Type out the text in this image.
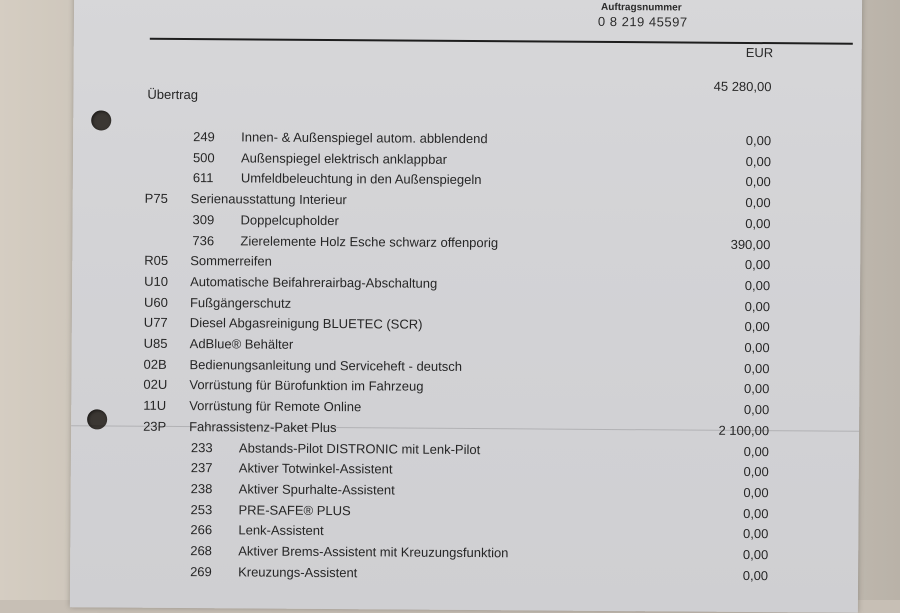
Auftragsnummer
0 8 219 45597
EUR
Übertrag
45 280,00
249 Innen- & Außenspiegel autom. abblendend	0,00
500 Außenspiegel elektrisch anklappbar	0,00
611 Umfeldbeleuchtung in den Außenspiegeln	0,00
P75 Serienausstattung Interieur	0,00
309 Doppelcupholder	0,00
736 Zierelemente Holz Esche schwarz offenporig	390,00
R05 Sommerreifen	0,00
U10 Automatische Beifahrerairbag-Abschaltung	0,00
U60 Fußgängerschutz	0,00
U77 Diesel Abgasreinigung BLUETEC (SCR)	0,00
U85 AdBlue® Behälter	0,00
02B Bedienungsanleitung und Serviceheft - deutsch	0,00
02U Vorrüstung für Bürofunktion im Fahrzeug	0,00
11U Vorrüstung für Remote Online	0,00
23P Fahrassistenz-Paket Plus	2 100,00
233 Abstands-Pilot DISTRONIC mit Lenk-Pilot	0,00
237 Aktiver Totwinkel-Assistent	0,00
238 Aktiver Spurhalte-Assistent	0,00
253 PRE-SAFE® PLUS	0,00
266 Lenk-Assistent	0,00
268 Aktiver Brems-Assistent mit Kreuzungsfunktion	0,00
269 Kreuzungs-Assistent	0,00
